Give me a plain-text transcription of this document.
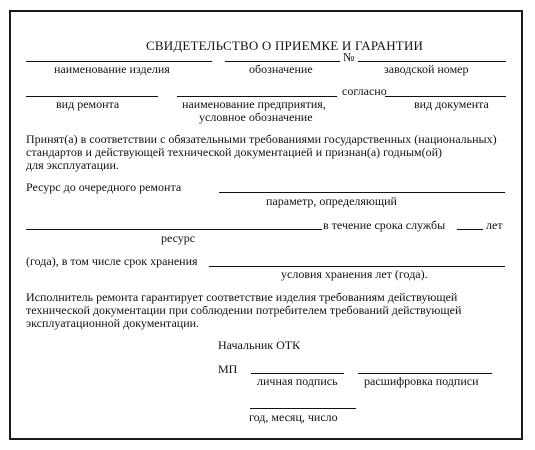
СВИДЕТЕЛЬСТВО О ПРИЕМКЕ И ГАРАНТИИ
№
наименование изделия	обозначение	заводской номер
согласно
вид ремонта	наименование предприятия,
условное обозначение
вид документа
Принят(а) в соответствии с обязательными требованиями государственных (национальных)
стандартов и действующей технической документацией и признан(а) годным(ой)
для эксплуатации.
Ресурс до очередного ремонта
параметр, определяющий
в течение срока службы	лет
ресурс
(года), в том числе срок хранения
условия хранения лет (года).
Исполнитель ремонта гарантирует соответствие изделия требованиям действующей
технической документации при соблюдении потребителем требований действующей
эксплуатационной документации.
Начальник ОТК
МП
личная подпись расшифровка подписи
год, месяц, число
